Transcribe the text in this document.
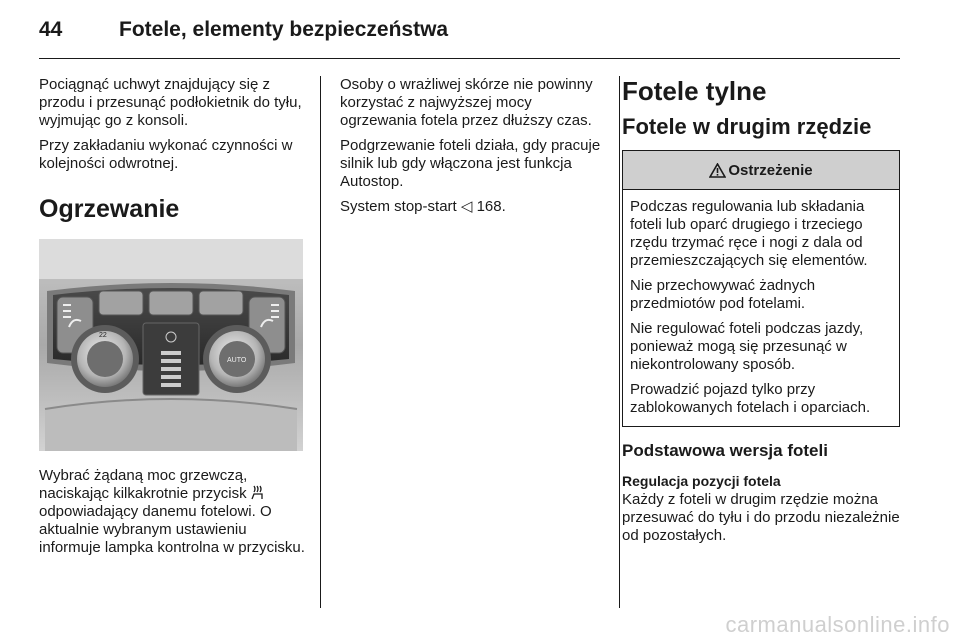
44	Fotele, elementy bezpieczeństwa

Pociągnąć uchwyt znajdujący się z przodu i przesunąć podłokietnik do tyłu, wyjmując go z konsoli.

Przy zakładaniu wykonać czynności w kolejności odwrotnej.

Ogrzewanie
22
AUTO

Wybrać żądaną moc grzewczą, naciskając kilkakrotnie przycisk  odpowiadający danemu fotelowi. O aktualnie wybranym ustawieniu informuje lampka kontrolna w przycisku.

Osoby o wrażliwej skórze nie powinny korzystać z najwyższej mocy ogrzewania fotela przez dłuższy czas.

Podgrzewanie foteli działa, gdy pracuje silnik lub gdy włączona jest funkcja Autostop.

System stop-start ◁ 168.

Fotele tylne
Fotele w drugim rzędzie
Ostrzeżenie

Podczas regulowania lub składania foteli lub oparć drugiego i trzeciego rzędu trzymać ręce i nogi z dala od przemieszczających się elementów.

Nie przechowywać żadnych przedmiotów pod fotelami.

Nie regulować foteli podczas jazdy, ponieważ mogą się przesunąć w niekontrolowany sposób.

Prowadzić pojazd tylko przy zablokowanych fotelach i oparciach.

Podstawowa wersja foteli
Regulacja pozycji fotela

Każdy z foteli w drugim rzędzie można przesuwać do tyłu i do przodu niezależnie od pozostałych.

carmanualsonline.info
